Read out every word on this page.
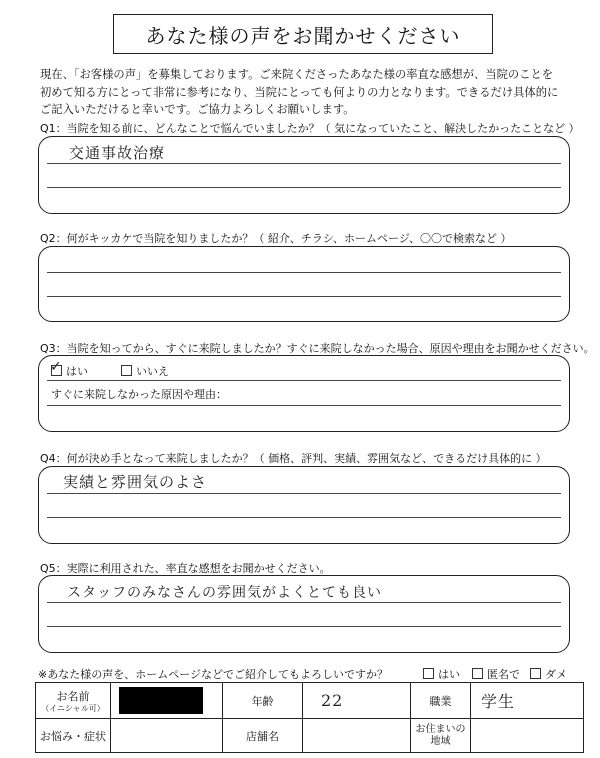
あなた様の声をお聞かせください
現在、「お客様の声」を募集しております。ご来院くださったあなた様の率直な感想が、当院のことを
初めて知る方にとって非常に参考になり、当院にとっても何よりの力となります。できるだけ具体的に
ご記入いただけると幸いです。ご協力よろしくお願いします。
Q1：当院を知る前に、どんなことで悩んでいましたか？（ 気になっていたこと、解決したかったことなど ）
交通事故治療
Q2：何がキッカケで当院を知りましたか？（ 紹介、チラシ、ホームページ、〇〇で検索など ）
Q3：当院を知ってから、すぐに来院しましたか？すぐに来院しなかった場合、原因や理由をお聞かせください。
✓ はい	いいえ
すぐに来院しなかった原因や理由：
Q4：何が決め手となって来院しましたか？（ 価格、評判、実績、雰囲気など、できるだけ具体的に ）
実績と雰囲気のよさ
Q5：実際に利用された、率直な感想をお聞かせください。
スタッフのみなさんの雰囲気がよくとても良い
※あなた様の声を、ホームページなどでご紹介してもよろしいですか？	はい	匿名で	ダメ
お名前
（イニシャル可）		年齢	22	職業	学生
お悩み・症状		店舗名		お住まいの地域	
